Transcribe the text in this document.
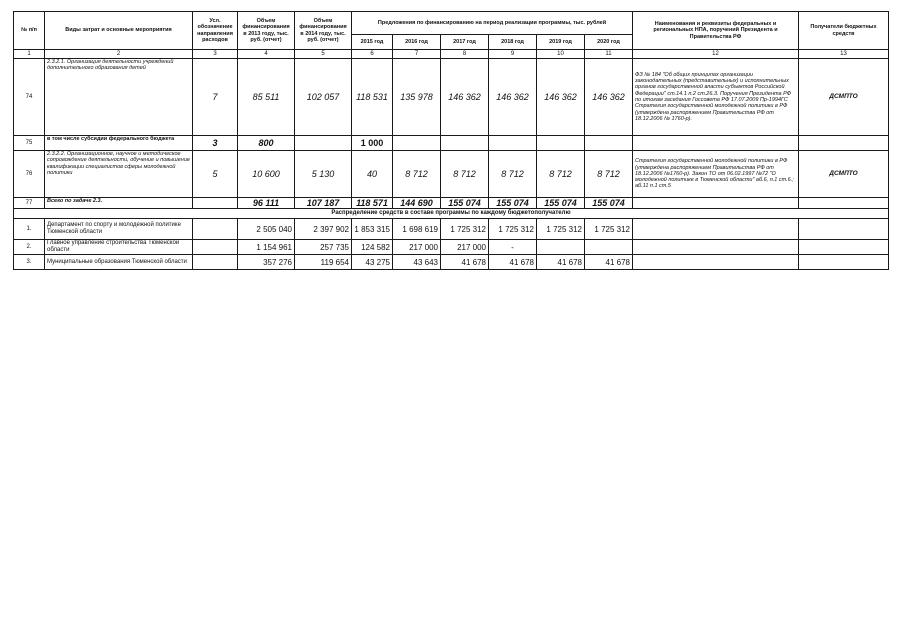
№ п/п	Виды затрат и основные мероприятия	Усл. обозначение направления расходов	Объем финансирования в 2013 году, тыс. руб. (отчет)	Объем финансирования в 2014 году, тыс. руб. (отчет)	Предложения по финансированию на период реализации программы, тыс. рублей						Наименования и реквизиты федеральных и региональных НПА, поручений Президента и Правительства РФ	Получатели бюджетных средств
					2015 год	2016 год	2017 год	2018 год	2019 год	2020 год		
1	2	3	4	5	6	7	8	9	10	11	12	13
74	2.3.2.1. Организация деятельности учреждений дополнительного образования детей	7	85 511	102 057	118 531	135 978	146 362	146 362	146 362	146 362	ФЗ № 184 "Об общих принципах организации законодательных (представительных) и исполнительных органов государственной власти субъектов Российской Федерации" ст.14.1 п.2 ст.26.3. Поручения Президента РФ по итогам заседания Госсовета РФ 17.07.2009 Пр-1994ГС Стратегия государственной молодежной политики в РФ (утверждена распоряжением Правительства РФ от 18.12.2006 № 1760-р).	ДСМПТО
75	в том числе субсидии федерального бюджета	3	800		1 000							
76	2.3.2.2. Организационное, научное и методическое сопровождение деятельности, обучение и повышение квалификации специалистов сферы молодежной политики	5	10 600	5 130	40	8 712	8 712	8 712	8 712	8 712	Стратегия государственной молодежной политики в РФ (утверждена распоряжением Правительства РФ от 18.12.2006 №1760-р). Закон ТО от 06.02.1997 №72 "О молодежной политике в Тюменской области" аб.6, п.1 ст.6.; аб.11 п.1 ст.5	ДСМПТО
77	Всего по задаче 2.3.		96 111	107 187	118 571	144 690	155 074	155 074	155 074	155 074		
Распределение средств в составе программы по каждому бюджетополучателю												
1.	Департамент по спорту и молодежной политике Тюменской области		2 505 040	2 397 902	1 853 315	1 698 619	1 725 312	1 725 312	1 725 312	1 725 312		
2.	Главное управление строительства Тюменской области		1 154 961	257 735	124 582	217 000	217 000	-				
3.	Муниципальные образования Тюменской области		357 276	119 654	43 275	43 643	41 678	41 678	41 678	41 678		
